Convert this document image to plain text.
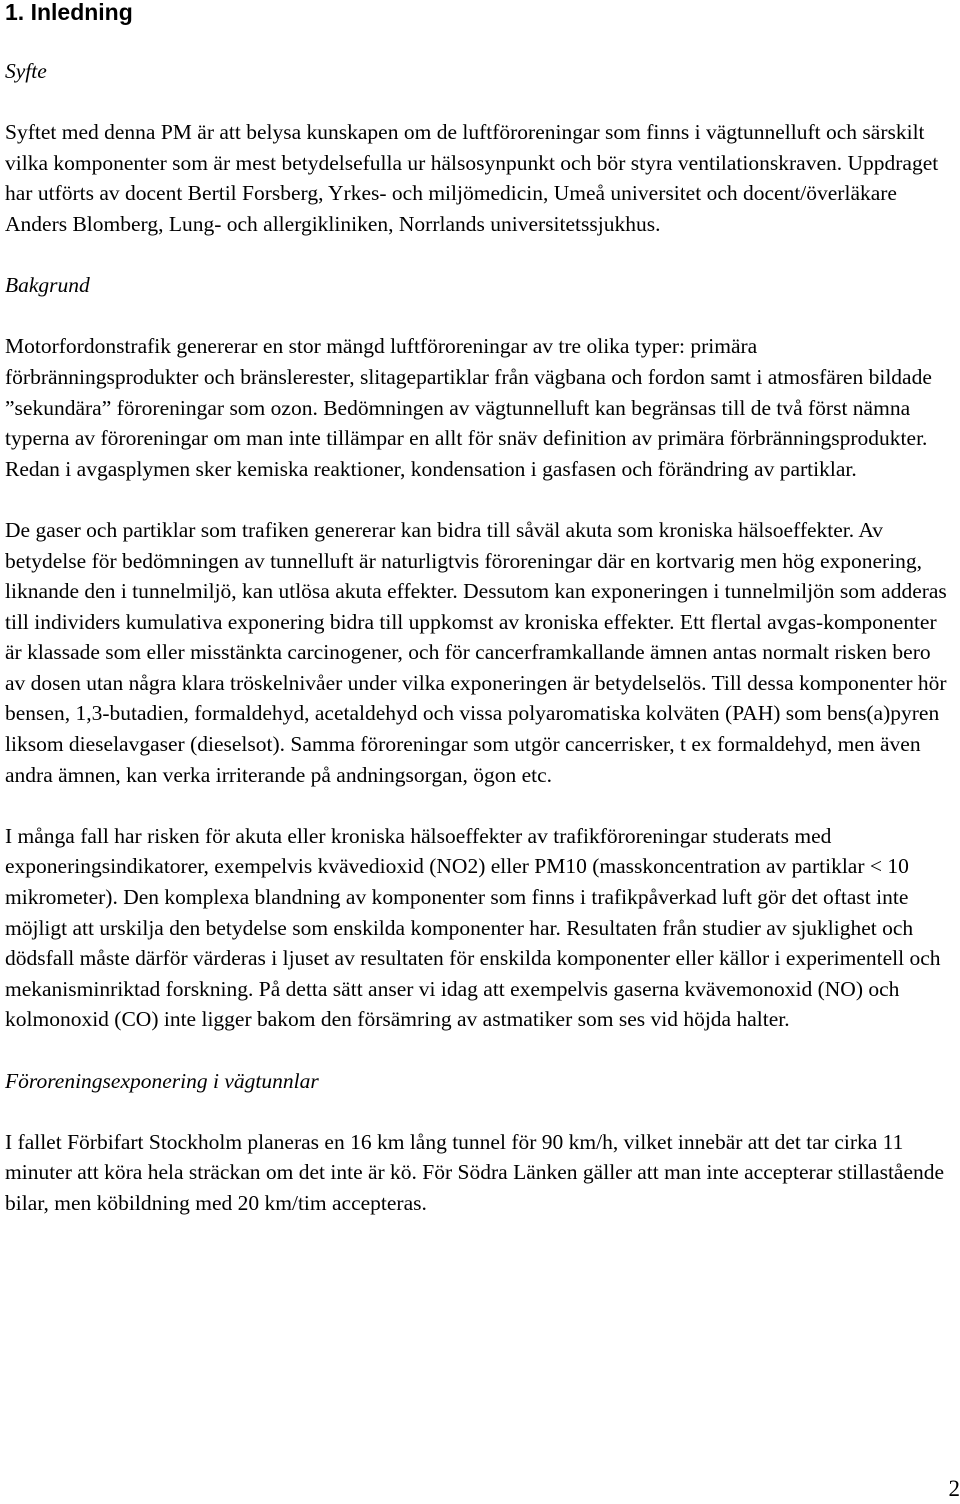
1. Inledning
Syfte

Syftet med denna PM är att belysa kunskapen om de luftföroreningar som finns i vägtunnelluft och särskilt vilka komponenter som är mest betydelsefulla ur hälsosynpunkt och bör styra ventilationskraven. Uppdraget har utförts av docent Bertil Forsberg, Yrkes- och miljömedicin, Umeå universitet och docent/överläkare Anders Blomberg, Lung- och allergikliniken, Norrlands universitetssjukhus.

Bakgrund

Motorfordonstrafik genererar en stor mängd luftföroreningar av tre olika typer: primära förbränningsprodukter och bränslerester, slitagepartiklar från vägbana och fordon samt i atmosfären bildade ”sekundära” föroreningar som ozon. Bedömningen av vägtunnelluft kan begränsas till de två först nämna typerna av föroreningar om man inte tillämpar en allt för snäv definition av primära förbränningsprodukter. Redan i avgasplymen sker kemiska reaktioner, kondensation i gasfasen och förändring av partiklar.

De gaser och partiklar som trafiken genererar kan bidra till såväl akuta som kroniska hälsoeffekter. Av betydelse för bedömningen av tunnelluft är naturligtvis föroreningar där en kortvarig men hög exponering, liknande den i tunnelmiljö, kan utlösa akuta effekter. Dessutom kan exponeringen i tunnelmiljön som adderas till individers kumulativa exponering bidra till uppkomst av kroniska effekter. Ett flertal avgas-komponenter är klassade som eller misstänkta carcinogener, och för cancerframkallande ämnen antas normalt risken bero av dosen utan några klara tröskelnivåer under vilka exponeringen är betydelselös. Till dessa komponenter hör bensen, 1,3-butadien, formaldehyd, acetaldehyd och vissa polyaromatiska kolväten (PAH) som bens(a)pyren liksom dieselavgaser (dieselsot). Samma föroreningar som utgör cancerrisker, t ex formaldehyd, men även andra ämnen, kan verka irriterande på andningsorgan, ögon etc.

I många fall har risken för akuta eller kroniska hälsoeffekter av trafikföroreningar studerats med exponeringsindikatorer, exempelvis kvävedioxid (NO2) eller PM10 (masskoncentration av partiklar < 10 mikrometer). Den komplexa blandning av komponenter som finns i trafikpåverkad luft gör det oftast inte möjligt att urskilja den betydelse som enskilda komponenter har. Resultaten från studier av sjuklighet och dödsfall måste därför värderas i ljuset av resultaten för enskilda komponenter eller källor i experimentell och mekanisminriktad forskning. På detta sätt anser vi idag att exempelvis gaserna kvävemonoxid (NO) och kolmonoxid (CO) inte ligger bakom den försämring av astmatiker som ses vid höjda halter.

Föroreningsexponering i vägtunnlar

I fallet Förbifart Stockholm planeras en 16 km lång tunnel för 90 km/h, vilket innebär att det tar cirka 11 minuter att köra hela sträckan om det inte är kö. För Södra Länken gäller att man inte accepterar stillastående bilar, men köbildning med 20 km/tim accepteras.

2
